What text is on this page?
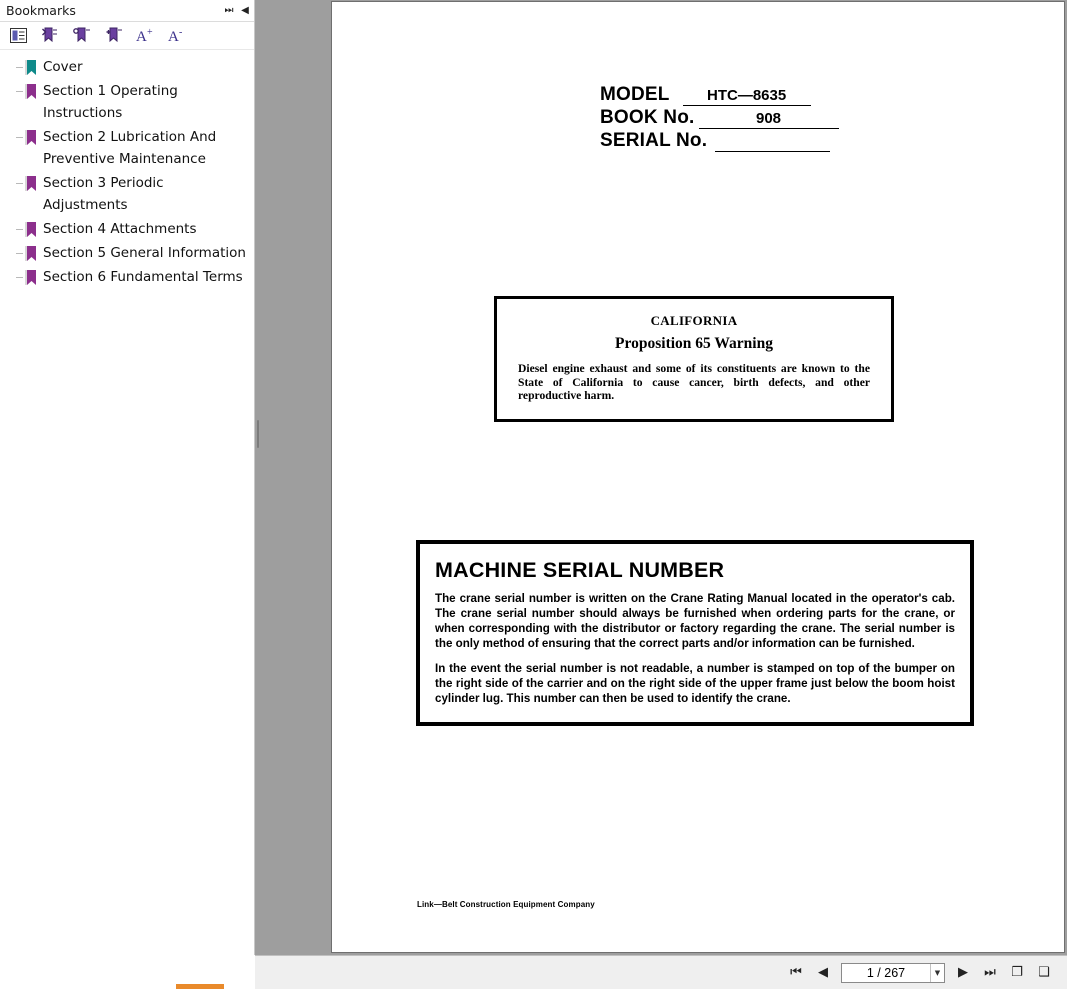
Bookmarks	⏭ ◀
A + A -
Cover
Section 1 Operating Instructions
Section 2 Lubrication And Preventive Maintenance
Section 3 Periodic Adjustments
Section 4 Attachments
Section 5 General Information
Section 6 Fundamental Terms
MODEL	HTC—8635
BOOK No.	908
SERIAL No.

CALIFORNIA
Proposition 65 Warning
Diesel engine exhaust and some of its constituents are known to the State of California to cause cancer, birth defects, and other reproductive harm.
MACHINE SERIAL NUMBER
The crane serial number is written on the Crane Rating Manual located in the operator's cab. The crane serial number should always be furnished when ordering parts for the crane, or when corresponding with the distributor or factory regarding the crane. The serial number is the only method of ensuring that the correct parts and/or information can be furnished.
In the event the serial number is not readable, a number is stamped on top of the bumper on the right side of the carrier and on the right side of the upper frame just below the boom hoist cylinder lug. This number can then be used to identify the crane.
Link—Belt Construction Equipment Company
⏮	◀	1 / 267	▼	▶	⏭ ❐ ❑
